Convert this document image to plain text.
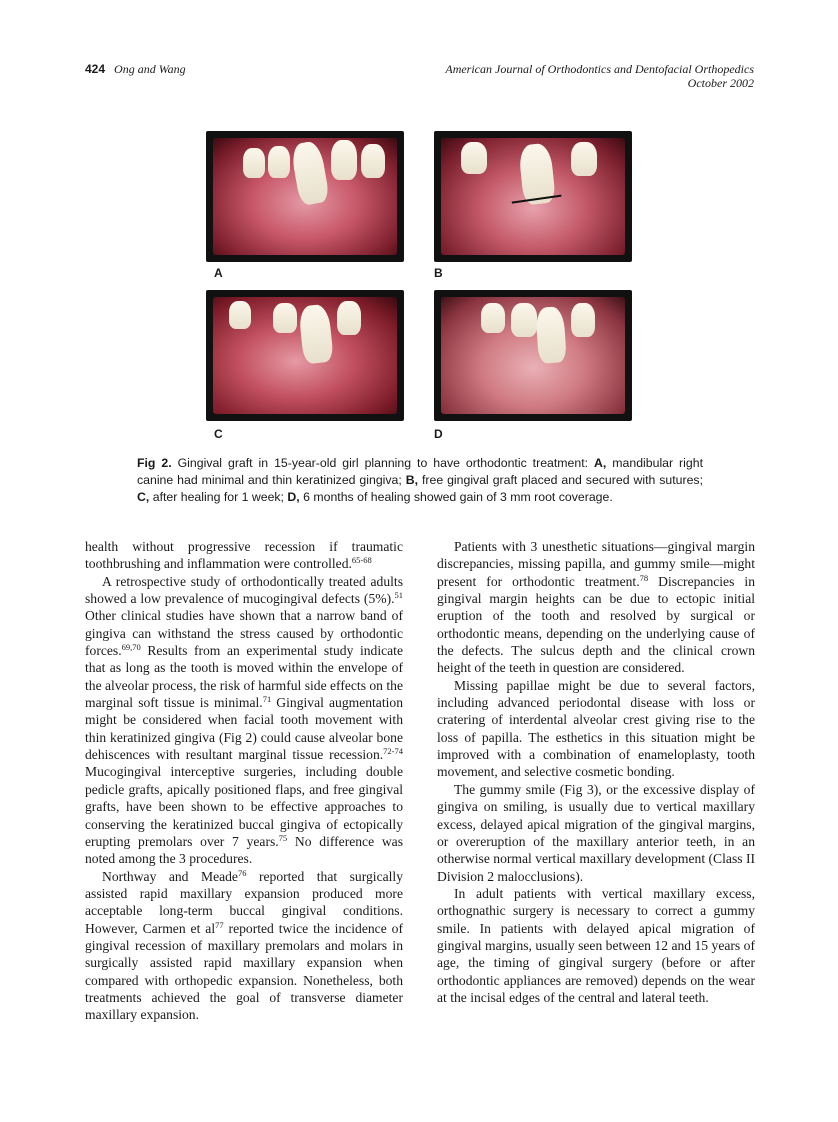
424 Ong and Wang	American Journal of Orthodontics and Dentofacial Orthopedics
October 2002
A	B
C	D
Fig 2. Gingival graft in 15-year-old girl planning to have orthodontic treatment: A, mandibular right canine had minimal and thin keratinized gingiva; B, free gingival graft placed and secured with sutures; C, after healing for 1 week; D, 6 months of healing showed gain of 3 mm root coverage.

health without progressive recession if traumatic toothbrushing and inflammation were controlled.$^{65-68}$

A retrospective study of orthodontically treated adults showed a low prevalence of mucogingival defects (5%).$^{51}$ Other clinical studies have shown that a narrow band of gingiva can withstand the stress caused by orthodontic forces.$^{69,70}$ Results from an experimental study indicate that as long as the tooth is moved within the envelope of the alveolar process, the risk of harmful side effects on the marginal soft tissue is minimal.$^{71}$ Gingival augmentation might be considered when facial tooth movement with thin keratinized gingiva (Fig 2) could cause alveolar bone dehiscences with resultant marginal tissue recession.$^{72-74}$ Mucogingival interceptive surgeries, including double pedicle grafts, apically positioned flaps, and free gingival grafts, have been shown to be effective approaches to conserving the keratinized buccal gingiva of ectopically erupting premolars over 7 years.$^{75}$ No difference was noted among the 3 procedures.

Northway and Meade$^{76}$ reported that surgically assisted rapid maxillary expansion produced more acceptable long-term buccal gingival conditions. However, Carmen et $al^{77}$ reported twice the incidence of gingival recession of maxillary premolars and molars in surgically assisted rapid maxillary expansion when compared with orthopedic expansion. Nonetheless, both treatments achieved the goal of transverse diameter maxillary expansion.

Patients with 3 unesthetic situations—gingival margin discrepancies, missing papilla, and gummy smile—might present for orthodontic treatment.$^{78}$ Discrepancies in gingival margin heights can be due to ectopic initial eruption of the tooth and resolved by surgical or orthodontic means, depending on the underlying cause of the defects. The sulcus depth and the clinical crown height of the teeth in question are considered.

Missing papillae might be due to several factors, including advanced periodontal disease with loss or cratering of interdental alveolar crest giving rise to the loss of papilla. The esthetics in this situation might be improved with a combination of enameloplasty, tooth movement, and selective cosmetic bonding.

The gummy smile (Fig 3), or the excessive display of gingiva on smiling, is usually due to vertical maxillary excess, delayed apical migration of the gingival margins, or overeruption of the maxillary anterior teeth, in an otherwise normal vertical maxillary development (Class II Division 2 malocclusions).

In adult patients with vertical maxillary excess, orthognathic surgery is necessary to correct a gummy smile. In patients with delayed apical migration of gingival margins, usually seen between 12 and 15 years of age, the timing of gingival surgery (before or after orthodontic appliances are removed) depends on the wear at the incisal edges of the central and lateral teeth.
